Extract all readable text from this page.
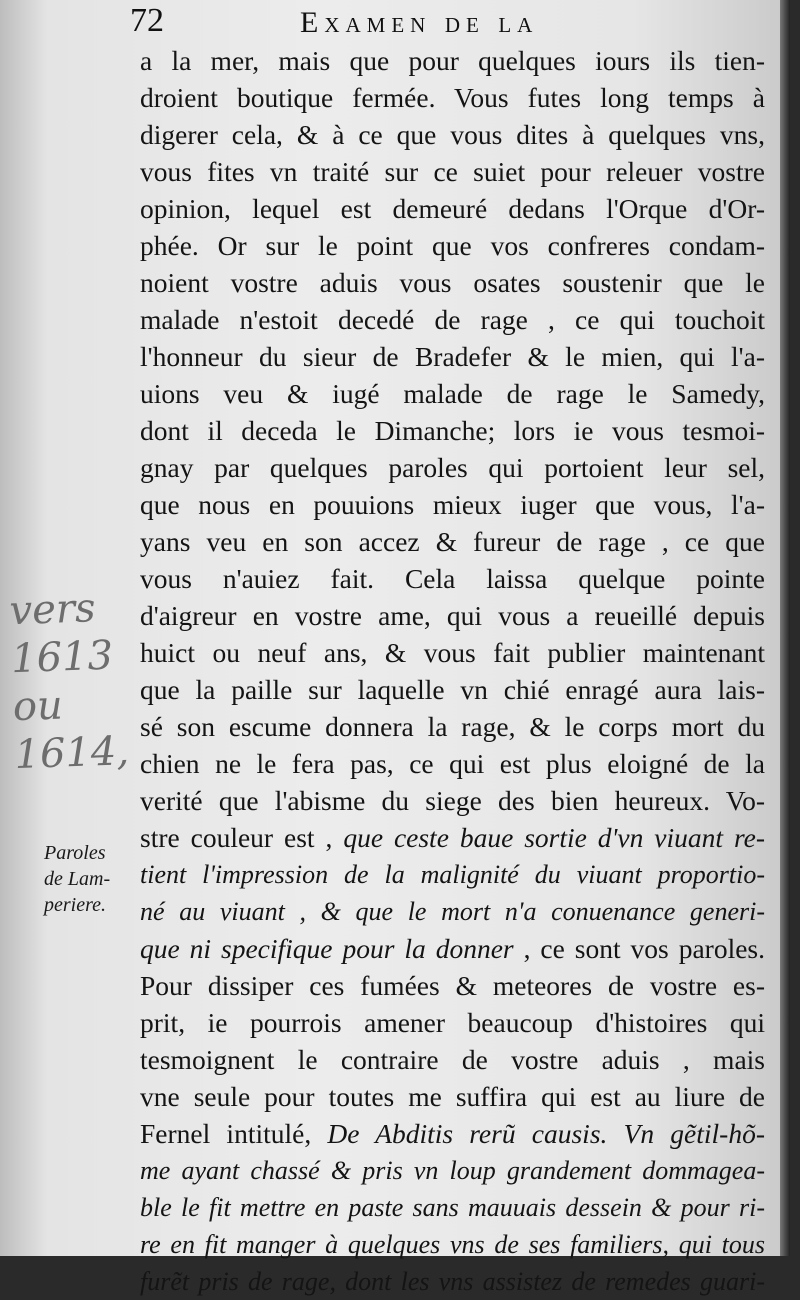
72	Examen de la
vers
1613
ou
1614,
Paroles
de Lam-
periere.
a la mer, mais que pour quelques iours ils tien-
droient boutique fermée. Vous futes long temps à
digerer cela, & à ce que vous dites à quelques vns,
vous fites vn traité sur ce suiet pour releuer vostre
opinion, lequel est demeuré dedans l'Orque d'Or-
phée. Or sur le point que vos confreres condam-
noient vostre aduis vous osates soustenir que le
malade n'estoit decedé de rage , ce qui touchoit
l'honneur du sieur de Bradefer & le mien, qui l'a-
uions veu & iugé malade de rage le Samedy,
dont il deceda le Dimanche; lors ie vous tesmoi-
gnay par quelques paroles qui portoient leur sel,
que nous en pouuions mieux iuger que vous, l'a-
yans veu en son accez & fureur de rage , ce que
vous n'auiez fait. Cela laissa quelque pointe
d'aigreur en vostre ame, qui vous a reueillé depuis
huict ou neuf ans, & vous fait publier maintenant
que la paille sur laquelle vn chié enragé aura lais-
sé son escume donnera la rage, & le corps mort du
chien ne le fera pas, ce qui est plus eloigné de la
verité que l'abisme du siege des bien heureux. Vo-
stre couleur est , que ceste baue sortie d'vn viuant re-
tient l'impression de la malignité du viuant proportio-
né au viuant , & que le mort n'a conuenance generi-
que ni specifique pour la donner , ce sont vos paroles.
Pour dissiper ces fumées & meteores de vostre es-
prit, ie pourrois amener beaucoup d'histoires qui
tesmoignent le contraire de vostre aduis , mais
vne seule pour toutes me suffira qui est au liure de
Fernel intitulé, De Abditis rerũ causis. Vn gẽtil-hõ-
me ayant chassé & pris vn loup grandement dommagea-
ble le fit mettre en paste sans mauuais dessein & pour ri-
re en fit manger à quelques vns de ses familiers, qui tous
furẽt pris de rage, dont les vns assistez de remedes guari-
